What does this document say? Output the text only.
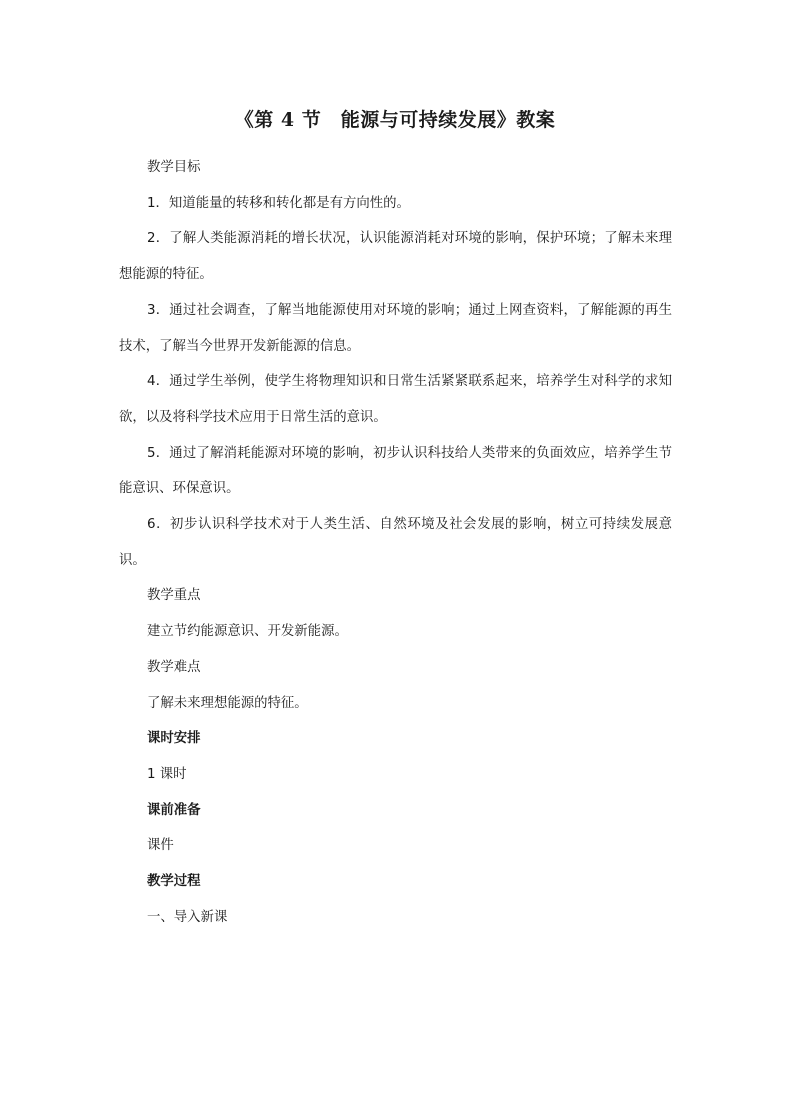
《第 4 节　能源与可持续发展》教案

教学目标

1．知道能量的转移和转化都是有方向性的。

2．了解人类能源消耗的增长状况，认识能源消耗对环境的影响，保护环境；了解未来理想能源的特征。

3．通过社会调查，了解当地能源使用对环境的影响；通过上网查资料，了解能源的再生技术，了解当今世界开发新能源的信息。

4．通过学生举例，使学生将物理知识和日常生活紧紧联系起来，培养学生对科学的求知欲，以及将科学技术应用于日常生活的意识。

5．通过了解消耗能源对环境的影响，初步认识科技给人类带来的负面效应，培养学生节能意识、环保意识。

6．初步认识科学技术对于人类生活、自然环境及社会发展的影响，树立可持续发展意识。

教学重点

建立节约能源意识、开发新能源。

教学难点

了解未来理想能源的特征。

课时安排

1 课时

课前准备

课件

教学过程

一、导入新课
